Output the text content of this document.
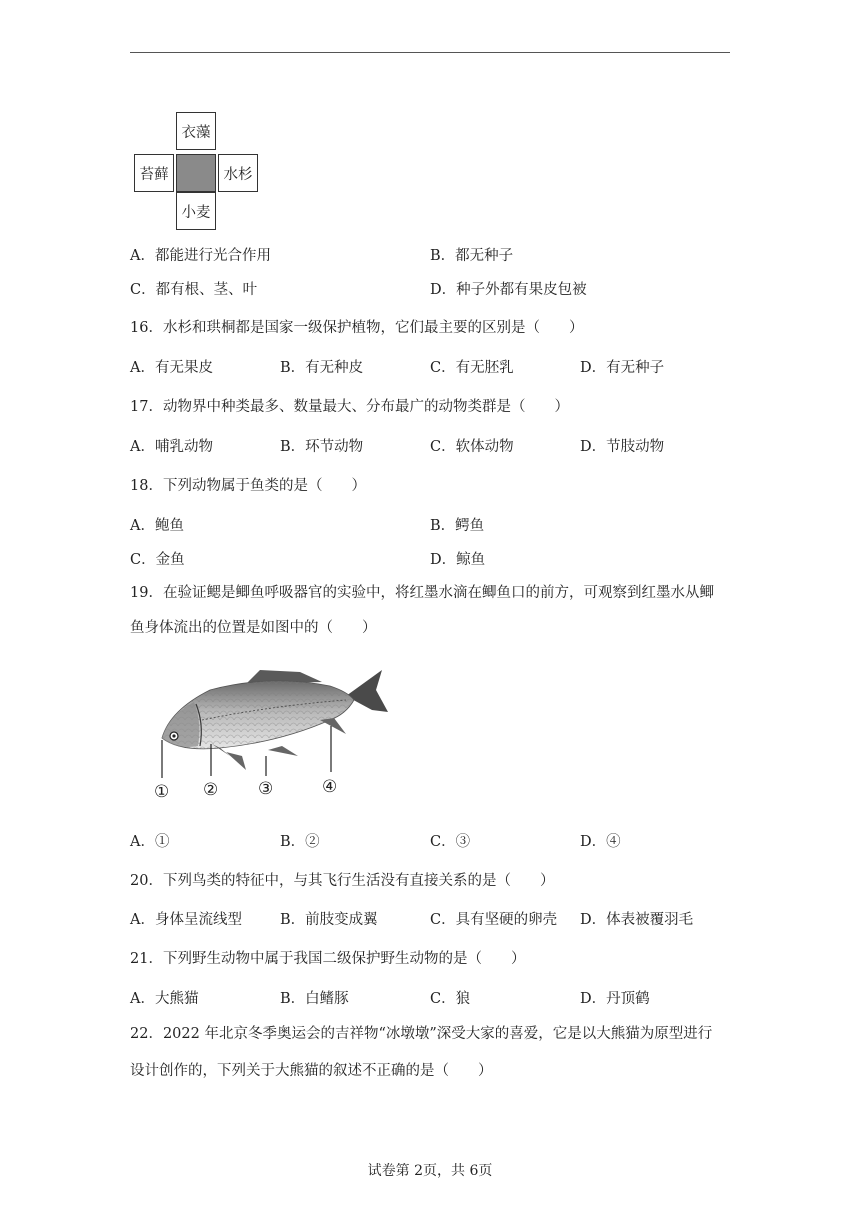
衣藻
苔藓	水杉
小麦
A．都能进行光合作用	B．都无种子
C．都有根、茎、叶	D．种子外都有果皮包被
16．水杉和珙桐都是国家一级保护植物，它们最主要的区别是（　　）
A．有无果皮	B．有无种皮	C．有无胚乳	D．有无种子
17．动物界中种类最多、数量最大、分布最广的动物类群是（　　）
A．哺乳动物	B．环节动物	C．软体动物	D．节肢动物
18．下列动物属于鱼类的是（　　）
A．鲍鱼	B．鳄鱼
C．金鱼	D．鲸鱼
19．在验证鳃是鲫鱼呼吸器官的实验中，将红墨水滴在鲫鱼口的前方，可观察到红墨水从鲫
鱼身体流出的位置是如图中的（　　）
① ② ③	④
A．①	B．②	C．③	D．④
20．下列鸟类的特征中，与其飞行生活没有直接关系的是（　　）
A．身体呈流线型	B．前肢变成翼	C．具有坚硬的卵壳 D．体表被覆羽毛
21．下列野生动物中属于我国二级保护野生动物的是（　　）
A．大熊猫	B．白鳍豚	C．狼	D．丹顶鹤
22．2022 年北京冬季奥运会的吉祥物“冰墩墩”深受大家的喜爱，它是以大熊猫为原型进行
设计创作的，下列关于大熊猫的叙述不正确的是（　　）
试卷第 2页，共 6页
